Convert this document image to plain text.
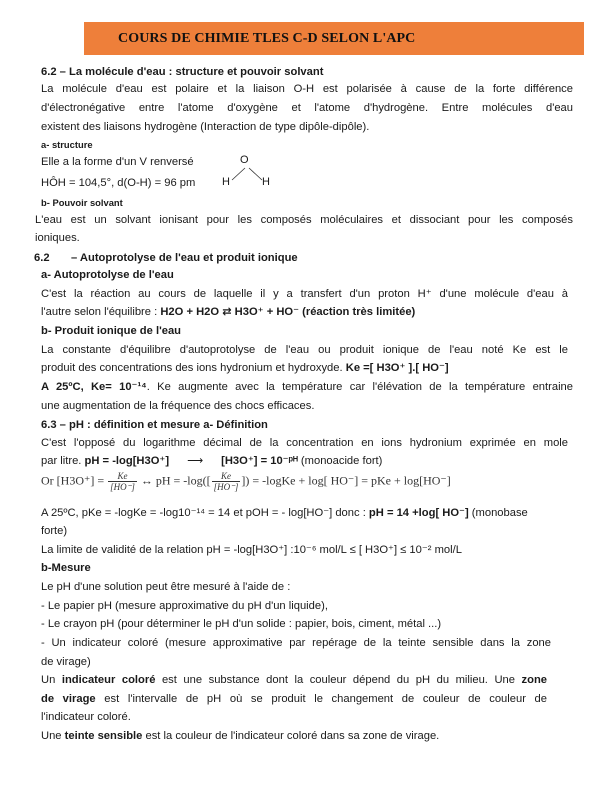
COURS DE CHIMIE TLES C-D SELON L'APC
6.2 – La molécule d'eau : structure et pouvoir solvant
La molécule d'eau est polaire et la liaison O-H est polarisée à cause de la forte différence
d'électronégative entre l'atome d'oxygène et l'atome d'hydrogène. Entre molécules d'eau
existent des liaisons hydrogène (Interaction de type dipôle-dipôle).
a- structure
Elle a la forme d'un V renversé	O
H	H
HÔH = 104,5°, d(O-H) = 96 pm
b- Pouvoir solvant
L'eau est un solvant ionisant pour les composés moléculaires et dissociant pour les composés
ioniques.
6.2 – Autoprotolyse de l'eau et produit ionique
a- Autoprotolyse de l'eau
C'est la réaction au cours de laquelle il y a transfert d'un proton H⁺ d'une molécule d'eau à
l'autre selon l'équilibre : H2O + H2O ⇄ H3O⁺ + HO⁻ (réaction très limitée)
b- Produit ionique de l'eau
La constante d'équilibre d'autoprotolyse de l'eau ou produit ionique de l'eau noté Ke est le
produit des concentrations des ions hydronium et hydroxyde. Ke =[ H3O⁺ ].[ HO⁻]
A 25ºC, Ke= 10⁻¹⁴. Ke augmente avec la température car l'élévation de la température entraine
une augmentation de la fréquence des chocs efficaces.
6.3 – pH : définition et mesure a- Définition
C'est l'opposé du logarithme décimal de la concentration en ions hydronium exprimée en mole
par litre. pH = -log[H3O⁺] ⟶ [H3O⁺] = 10⁻ᵖᴴ (monoacide fort)
Or $[H3O^+] = \frac{Ke}{[HO^-]}$ ↔ pH = $-\log([ \frac{Ke}{[HO^-]}$ ]) = -logKe + log[ HO⁻] = pKe + log[HO⁻]
A 25ºC, pKe = -logKe = -log10⁻¹⁴ = 14 et pOH = - log[HO⁻] donc : pH = 14 +log[ HO⁻] (monobase
forte)
La limite de validité de la relation pH = -log[H3O⁺] :10⁻⁶ mol/L ≤ [ H3O⁺] ≤ 10⁻² mol/L
b-Mesure
Le pH d'une solution peut être mesuré à l'aide de :
- Le papier pH (mesure approximative du pH d'un liquide),
- Le crayon pH (pour déterminer le pH d'un solide : papier, bois, ciment, métal ...)
- Un indicateur coloré (mesure approximative par repérage de la teinte sensible dans la zone
de virage)
Un indicateur coloré est une substance dont la couleur dépend du pH du milieu. Une zone
de virage est l'intervalle de pH où se produit le changement de couleur de couleur de
l'indicateur coloré.
Une teinte sensible est la couleur de l'indicateur coloré dans sa zone de virage.
